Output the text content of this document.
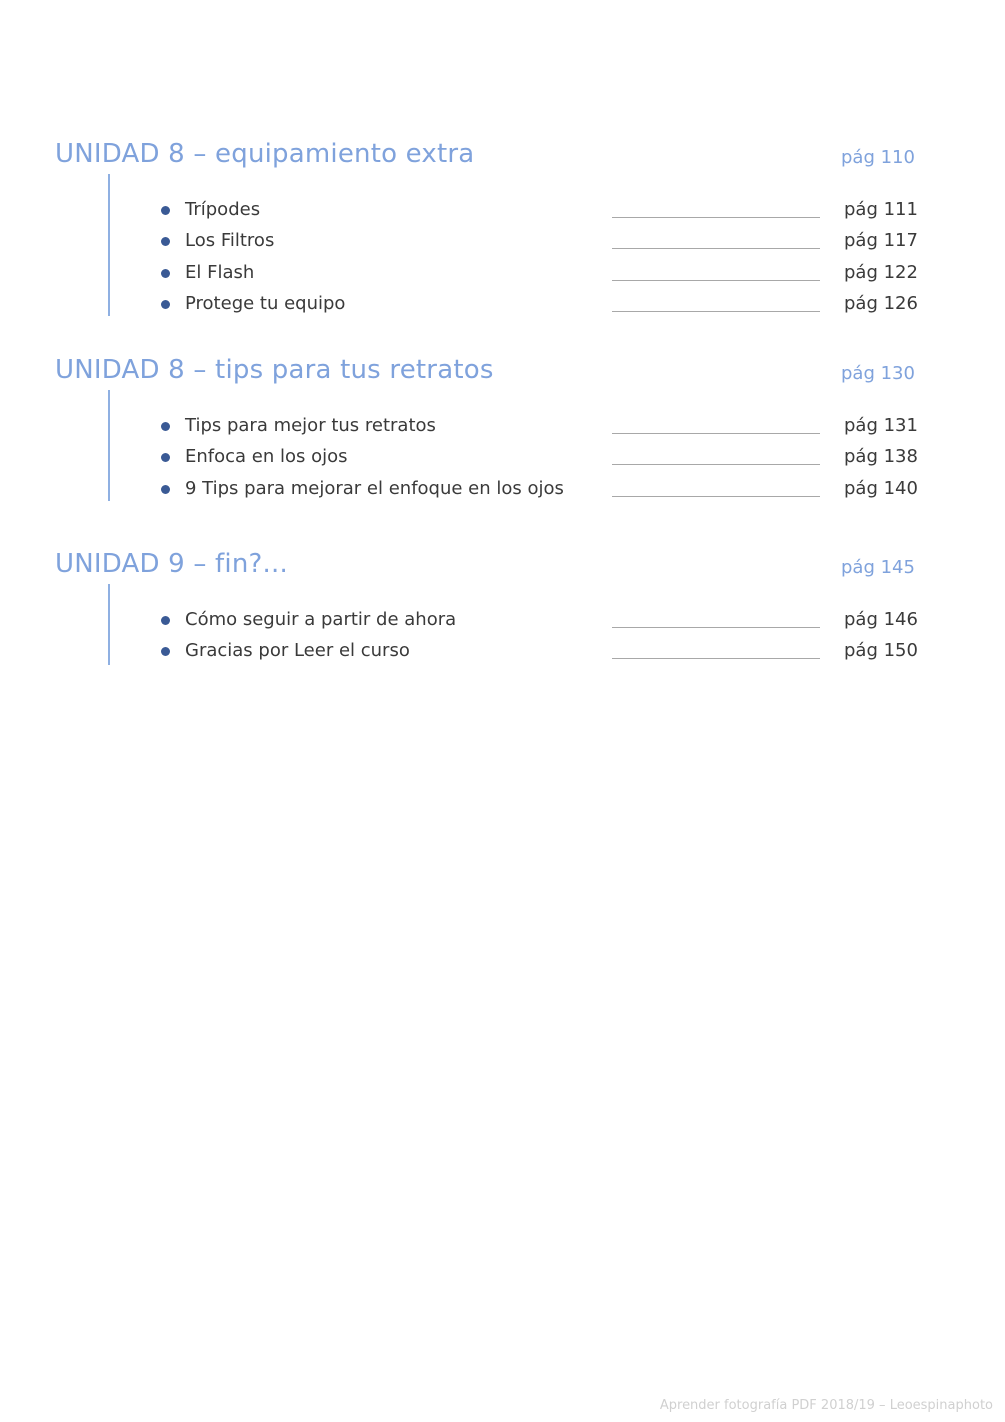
UNIDAD 8 – equipamiento extra	pág 110
Trípodes	pág 111
Los Filtros	pág 117
El Flash	pág 122
Protege tu equipo	pág 126
UNIDAD 8 – tips para tus retratos	pág 130
Tips para mejor tus retratos	pág 131
Enfoca en los ojos	pág 138
9 Tips para mejorar el enfoque en los ojos	pág 140
UNIDAD 9 – fin?...	pág 145
Cómo seguir a partir de ahora	pág 146
Gracias por Leer el curso	pág 150
Aprender fotografía PDF 2018/19 – Leoespinaphoto
